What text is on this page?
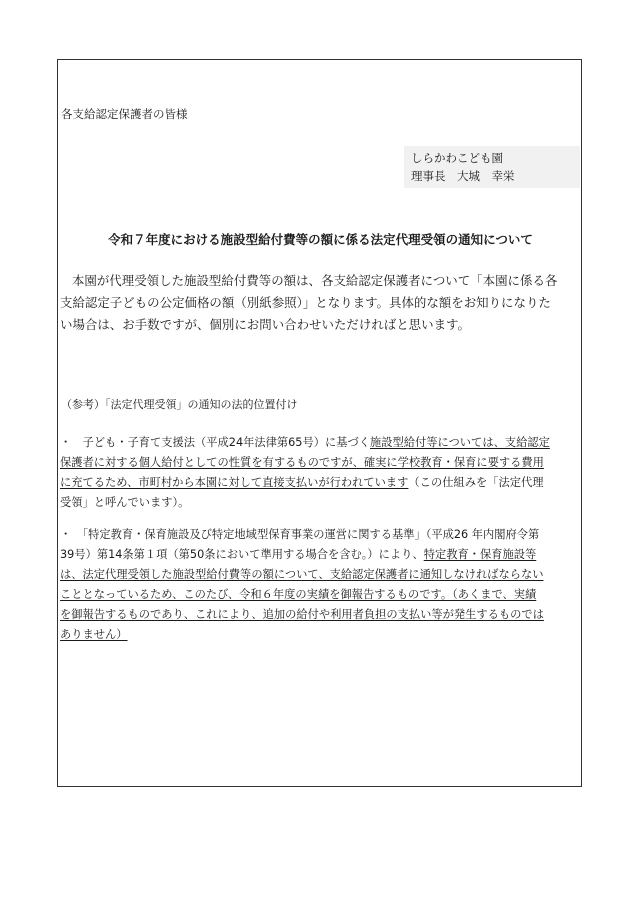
各支給認定保護者の皆様
しらかわこども園
理事長　大城　幸栄
令和７年度における施設型給付費等の額に係る法定代理受領の通知について
本園が代理受領した施設型給付費等の額は、各支給認定保護者について「本園に係る各
支給認定子どもの公定価格の額（別紙参照）」となります。具体的な額をお知りになりた
い場合は、お手数ですが、個別にお問い合わせいただければと思います。
（参考）「法定代理受領」の通知の法的位置付け
・　子ども・子育て支援法（平成24年法律第65号）に基づく施設型給付等については、支給認定
保護者に対する個人給付としての性質を有するものですが、確実に学校教育・保育に要する費用
に充てるため、市町村から本園に対して直接支払いが行われています（この仕組みを「法定代理
受領」と呼んでいます）。
・　「特定教育・保育施設及び特定地域型保育事業の運営に関する基準」（平成26 年内閣府令第
39号）第14条第１項（第50条において準用する場合を含む。）により、特定教育・保育施設等
は、法定代理受領した施設型給付費等の額について、支給認定保護者に通知しなければならない
こととなっているため、このたび、令和６年度の実績を御報告するものです。（あくまで、実績
を御報告するものであり、これにより、追加の給付や利用者負担の支払い等が発生するものでは
ありません）
